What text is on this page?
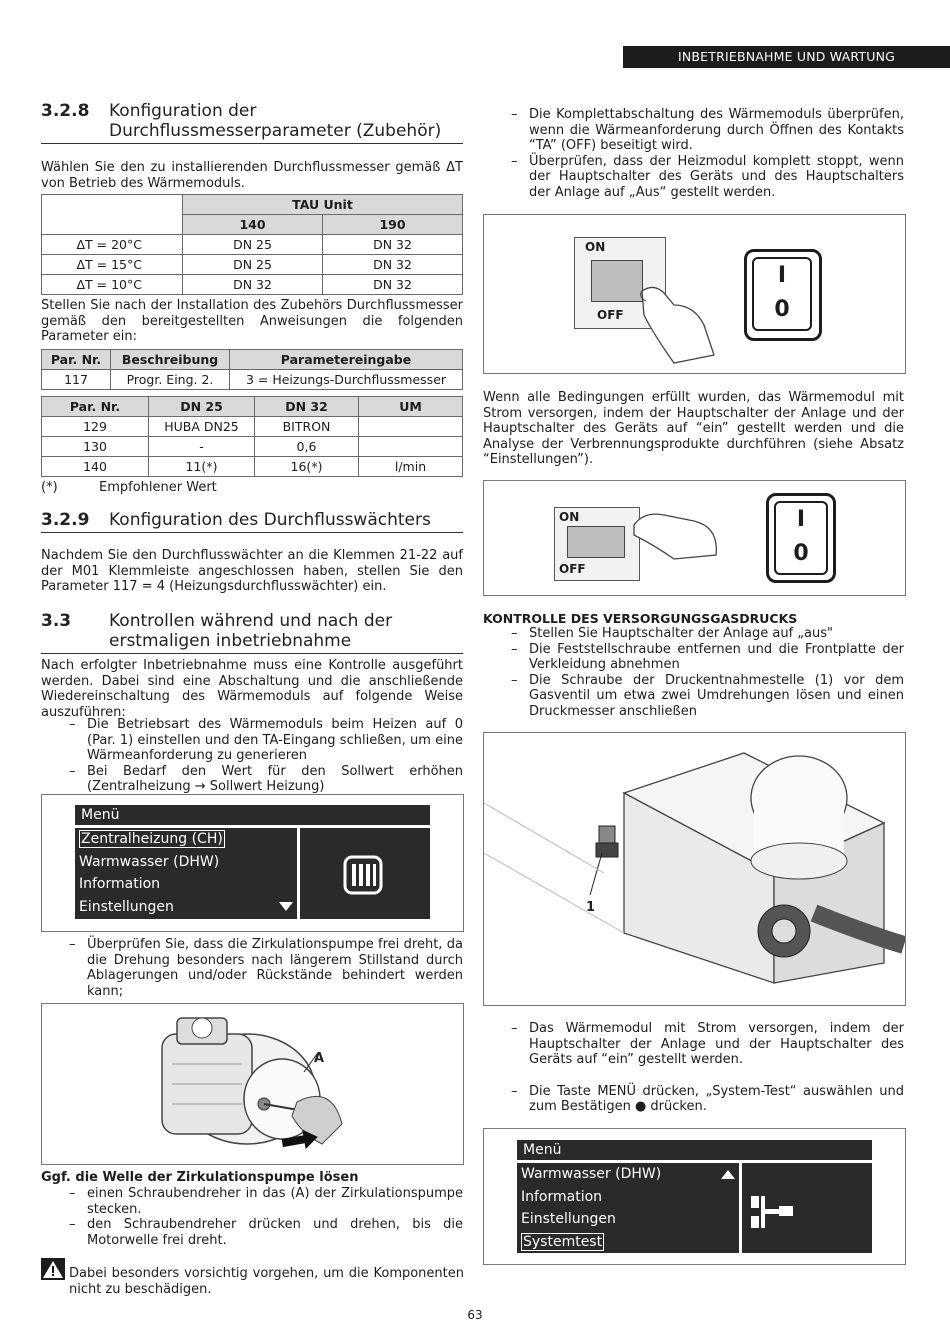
INBETRIEBNAHME UND WARTUNG
3.2.8 Konfiguration der
Durchflussmesserparameter (Zubehör)

Wählen Sie den zu installierenden Durchflussmesser gemäß ΔT von Betrieb des Wärmemoduls.

	TAU Unit	
	140	190
ΔT = 20°C	DN 25	DN 32
ΔT = 15°C	DN 25	DN 32
ΔT = 10°C	DN 32	DN 32

Stellen Sie nach der Installation des Zubehörs Durchflussmesser gemäß den bereitgestellten Anweisungen die folgenden Parameter ein:

Par. Nr.	Beschreibung	Parametereingabe
117	Progr. Eing. 2.	3 = Heizungs-Durchflussmesser
Par. Nr.	DN 25	DN 32	UM
129	HUBA DN25	BITRON	
130	-	0,6	
140	11(*)	16(*)	l/min
(*)	Empfohlener Wert
3.2.9 Konfiguration des Durchflusswächters

Nachdem Sie den Durchflusswächter an die Klemmen 21-22 auf der M01 Klemmleiste angeschlossen haben, stellen Sie den Parameter 117 = 4 (Heizungsdurchflusswächter) ein.

3.3 Kontrollen während und nach der
erstmaligen inbetriebnahme

Nach erfolgter Inbetriebnahme muss eine Kontrolle ausgeführt werden. Dabei sind eine Abschaltung und die anschließende Wiedereinschaltung des Wärmemoduls auf folgende Weise auszuführen:

– Die Betriebsart des Wärmemoduls beim Heizen auf 0 (Par. 1) einstellen und den TA-Eingang schließen, um eine Wärmeanforderung zu generieren
– Bei Bedarf den Wert für den Sollwert erhöhen (Zentralheizung → Sollwert Heizung)
Menü
Zentralheizung (CH)
Warmwasser (DHW)
Information
Einstellungen
– Überprüfen Sie, dass die Zirkulationspumpe frei dreht, da die Drehung besonders nach längerem Stillstand durch Ablagerungen und/oder Rückstände behindert werden kann;
A
Ggf. die Welle der Zirkulationspumpe lösen
– einen Schraubendreher in das (A) der Zirkulationspumpe stecken.
– den Schraubendreher drücken und drehen, bis die Motorwelle frei dreht.

Dabei besonders vorsichtig vorgehen, um die Komponenten nicht zu beschädigen.

– Die Komplettabschaltung des Wärmemoduls überprüfen, wenn die Wärmeanforderung durch Öffnen des Kontakts “TA” (OFF) beseitigt wird.
– Überprüfen, dass der Heizmodul komplett stoppt, wenn der Hauptschalter des Geräts und des Hauptschalters der Anlage auf „Aus“ gestellt werden.
ON
OFF
I
0

Wenn alle Bedingungen erfüllt wurden, das Wärmemodul mit Strom versorgen, indem der Hauptschalter der Anlage und der Hauptschalter des Geräts auf “ein” gestellt werden und die Analyse der Verbrennungsprodukte durchführen (siehe Absatz “Einstellungen”).

ON
OFF
I
0
KONTROLLE DES VERSORGUNGSGASDRUCKS
– Stellen Sie Hauptschalter der Anlage auf „aus"
– Die Feststellschraube entfernen und die Frontplatte der Verkleidung abnehmen
– Die Schraube der Druckentnahmestelle (1) vor dem Gasventil um etwa zwei Umdrehungen lösen und einen Druckmesser anschließen
1
– Das Wärmemodul mit Strom versorgen, indem der Hauptschalter der Anlage und der Hauptschalter des Geräts auf “ein” gestellt werden.
– Die Taste MENÜ drücken, „System-Test“ auswählen und zum Bestätigen ● drücken.
Menü
Warmwasser (DHW)
Information
Einstellungen
Systemtest
63
